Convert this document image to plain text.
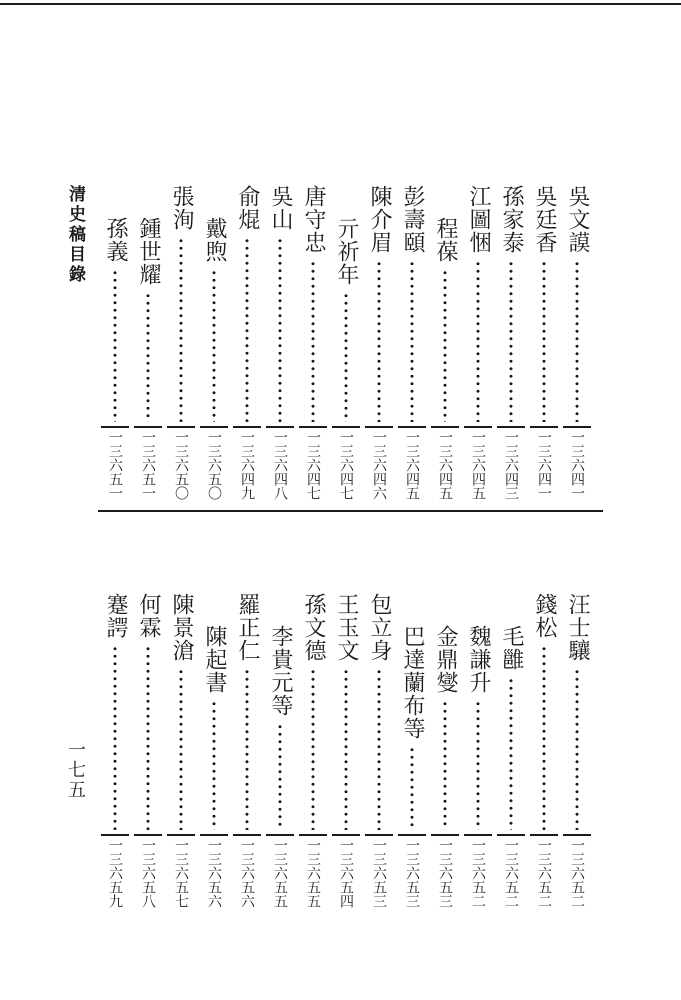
清史稿目錄
一七五
吳文謨
一三六四一
吳廷香
一三六四一
孫家泰
一三六四三
江圖悃
一三六四五
程葆
一三六四五
彭壽頤
一三六四五
陳介眉
一三六四六
亓祈年
一三六四七
唐守忠
一三六四七
吳山
一三六四八
俞焜
一三六四九
戴煦
一三六五〇
張洵
一三六五〇
鍾世耀
一三六五一
孫義
一三六五一
汪士驤
一三六五二
錢松
一三六五二
毛雝
一三六五二
魏謙升
一三六五二
金鼎燮
一三六五三
巴達蘭布等
一三六五三
包立身
一三六五三
王玉文
一三六五四
孫文德
一三六五五
李貴元等
一三六五五
羅正仁
一三六五六
陳起書
一三六五六
陳景滄
一三六五七
何霖
一三六五八
蹇諤
一三六五九
